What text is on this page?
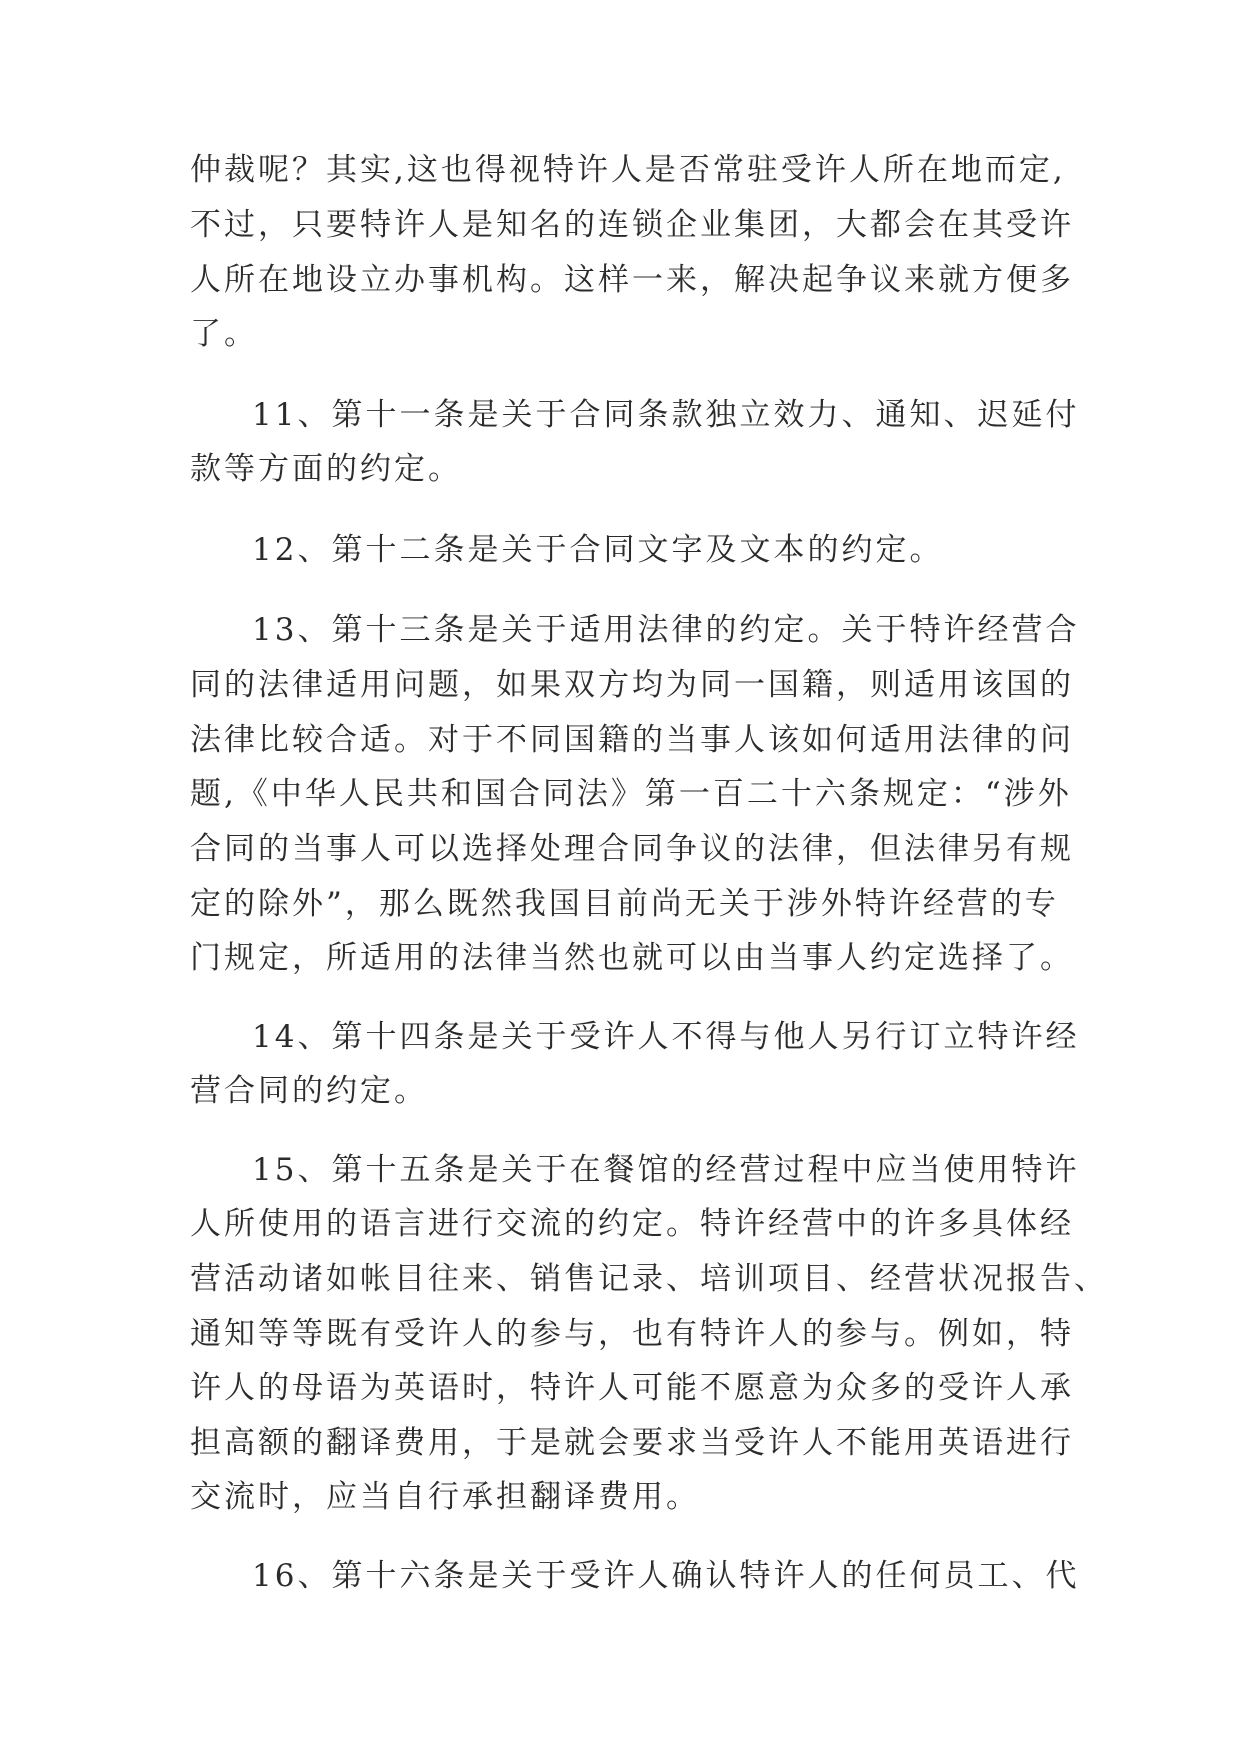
仲裁呢？其实,这也得视特许人是否常驻受许人所在地而定,
不过，只要特许人是知名的连锁企业集团，大都会在其受许
人所在地设立办事机构。这样一来，解决起争议来就方便多
了。
11、第十一条是关于合同条款独立效力、通知、迟延付
款等方面的约定。
12、第十二条是关于合同文字及文本的约定。
13、第十三条是关于适用法律的约定。关于特许经营合
同的法律适用问题，如果双方均为同一国籍，则适用该国的
法律比较合适。对于不同国籍的当事人该如何适用法律的问
题,《中华人民共和国合同法》第一百二十六条规定：“涉外
合同的当事人可以选择处理合同争议的法律，但法律另有规
定的除外”，那么既然我国目前尚无关于涉外特许经营的专
门规定，所适用的法律当然也就可以由当事人约定选择了。
14、第十四条是关于受许人不得与他人另行订立特许经
营合同的约定。
15、第十五条是关于在餐馆的经营过程中应当使用特许
人所使用的语言进行交流的约定。特许经营中的许多具体经
营活动诸如帐目往来、销售记录、培训项目、经营状况报告、
通知等等既有受许人的参与，也有特许人的参与。例如，特
许人的母语为英语时，特许人可能不愿意为众多的受许人承
担高额的翻译费用，于是就会要求当受许人不能用英语进行
交流时，应当自行承担翻译费用。
16、第十六条是关于受许人确认特许人的任何员工、代
